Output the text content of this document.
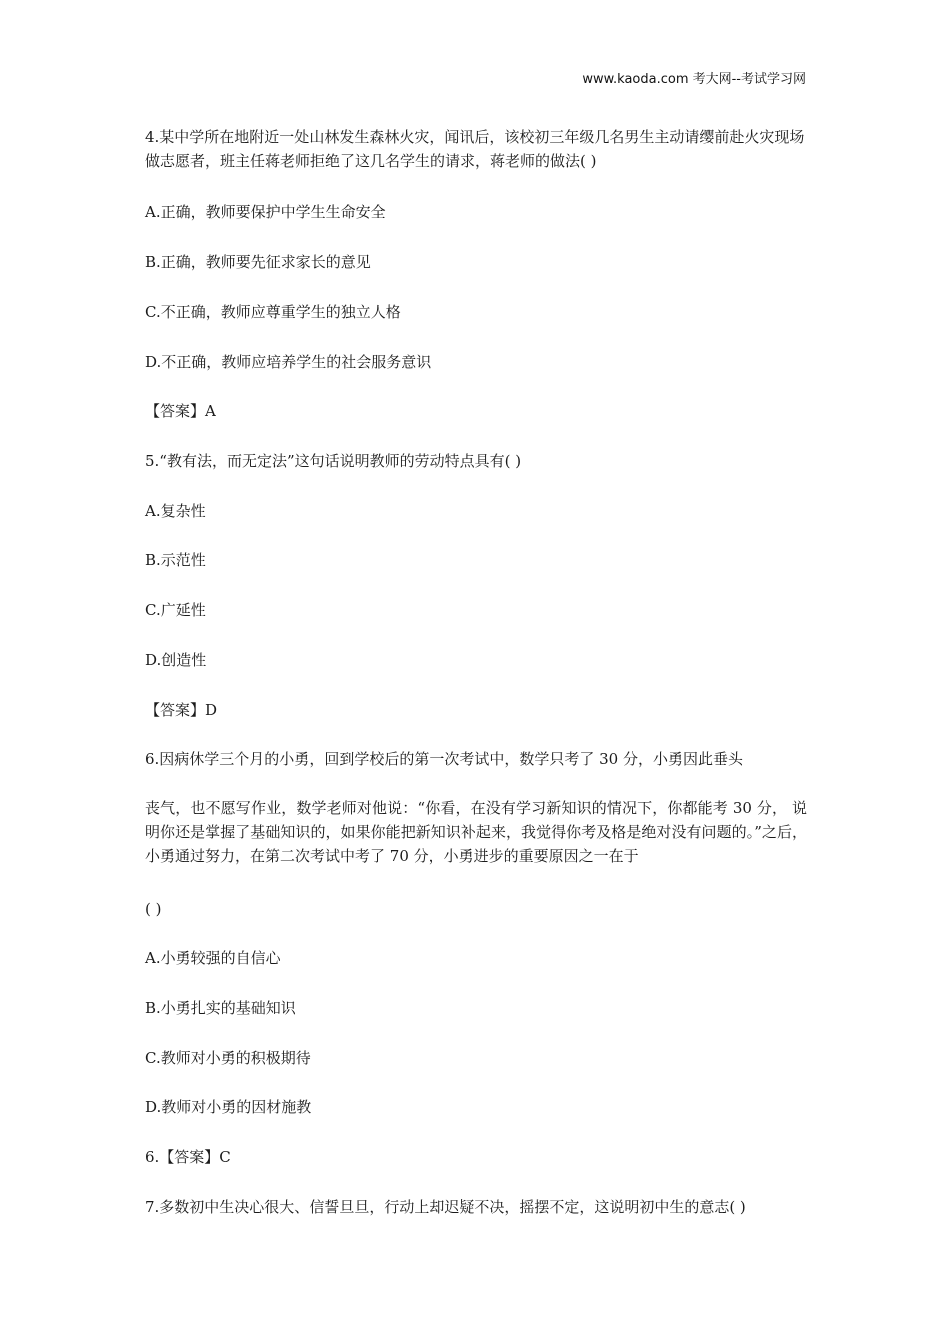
www.kaoda.com 考大网--考试学习网
4.某中学所在地附近一处山林发生森林火灾，闻讯后，该校初三年级几名男生主动请缨前赴火灾现场做志愿者，班主任蒋老师拒绝了这几名学生的请求，蒋老师的做法( )
A.正确，教师要保护中学生生命安全
B.正确，教师要先征求家长的意见
C.不正确，教师应尊重学生的独立人格
D.不正确，教师应培养学生的社会服务意识
【答案】A
5.“教有法，而无定法”这句话说明教师的劳动特点具有( )
A.复杂性
B.示范性
C.广延性
D.创造性
【答案】D
6.因病休学三个月的小勇，回到学校后的第一次考试中，数学只考了 30 分，小勇因此垂头
丧气，也不愿写作业，数学老师对他说：“你看，在没有学习新知识的情况下，你都能考 30 分， 说明你还是掌握了基础知识的，如果你能把新知识补起来，我觉得你考及格是绝对没有问题的。”之后，小勇通过努力，在第二次考试中考了 70 分，小勇进步的重要原因之一在于
( )
A.小勇较强的自信心
B.小勇扎实的基础知识
C.教师对小勇的积极期待
D.教师对小勇的因材施教
6.【答案】C
7.多数初中生决心很大、信誓旦旦，行动上却迟疑不决，摇摆不定，这说明初中生的意志( )
